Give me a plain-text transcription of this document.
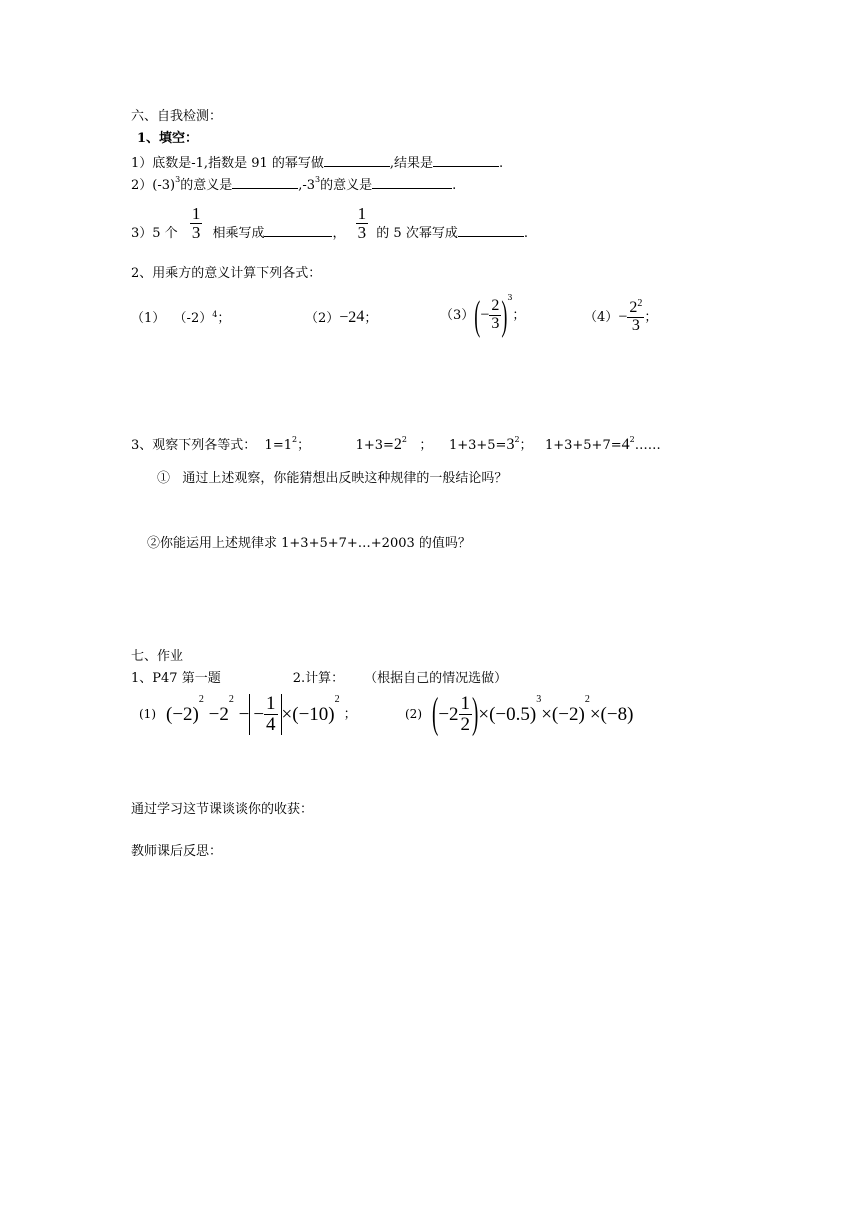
六、自我检测：
1、填空：
1）底数是-1,指数是 91 的幂写做	,结果是	.
$2)(-3)^3$的意义是	$,-3^3$的意义是	.
3）5 个 $\frac{1}{3}$ 相乘写成	， $\frac{1}{3}$ 的 5 次幂写成	.
2、用乘方的意义计算下列各式：
（1） $(-2)^4$；	$(2)-2^4$；	$(3)(- \frac{2}{3} )^3$；	$(4)- \frac{2^2}{3}$ ；
3、观察下列各等式： $1=1^2$；	$1+3=2^2$ ； $1+3+5=3^2$； $1+3+5+7=4^2\dots\dots$
① 通过上述观察，你能猜想出反映这种规律的一般结论吗？
②你能运用上述规律求 1+3+5+7+…+2003 的值吗？
七、作业
1、P47 第一题	2.计算： （根据自己的情况选做）
(1) $(-2)^2 -2^2$ − − $\frac{1}{4} \times(-10)^2$；	(2) $(-2 \frac{1}{2} )\times(-0.5)^3\times(-2)^2\times(-8)$
通过学习这节课谈谈你的收获：
教师课后反思：
